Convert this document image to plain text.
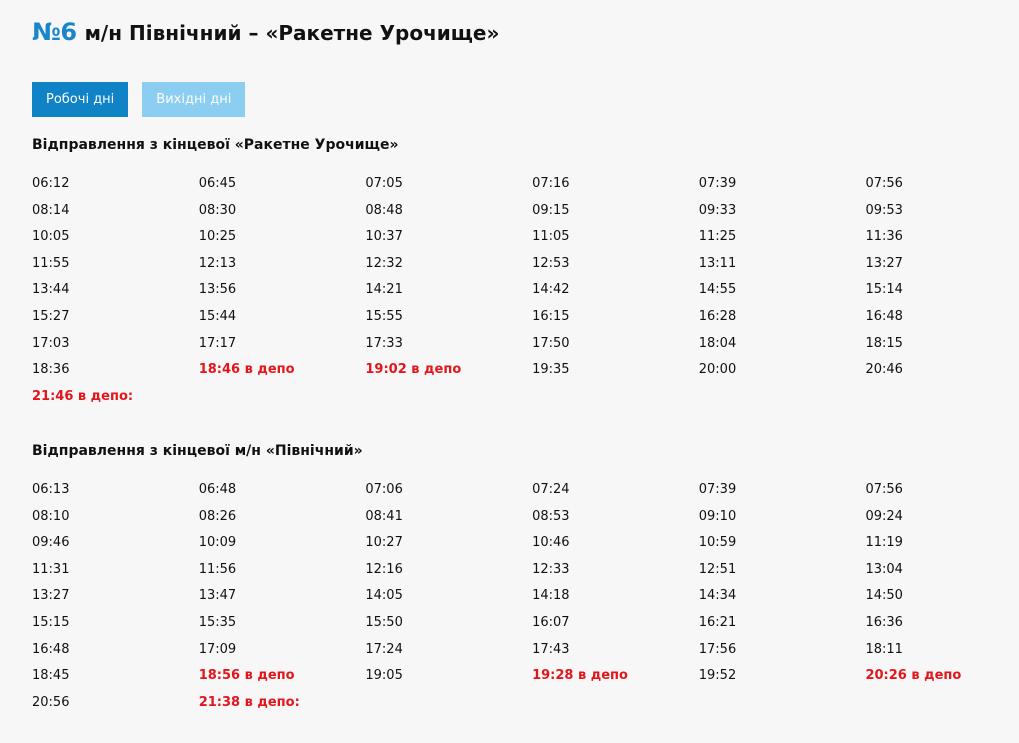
№6 м/н Північний – «Ракетне Урочище»
Робочі дні	Вихідні дні
Відправлення з кінцевої «Ракетне Урочище»
06:12	06:45	07:05	07:16	07:39	07:56
08:14	08:30	08:48	09:15	09:33	09:53
10:05	10:25	10:37	11:05	11:25	11:36
11:55	12:13	12:32	12:53	13:11	13:27
13:44	13:56	14:21	14:42	14:55	15:14
15:27	15:44	15:55	16:15	16:28	16:48
17:03	17:17	17:33	17:50	18:04	18:15
18:36	18:46 в депо	19:02 в депо	19:35	20:00	20:46
21:46 в депо:
Відправлення з кінцевої м/н «Північний»
06:13	06:48	07:06	07:24	07:39	07:56
08:10	08:26	08:41	08:53	09:10	09:24
09:46	10:09	10:27	10:46	10:59	11:19
11:31	11:56	12:16	12:33	12:51	13:04
13:27	13:47	14:05	14:18	14:34	14:50
15:15	15:35	15:50	16:07	16:21	16:36
16:48	17:09	17:24	17:43	17:56	18:11
18:45	18:56 в депо	19:05	19:28 в депо	19:52	20:26 в депо
20:56	21:38 в депо:
